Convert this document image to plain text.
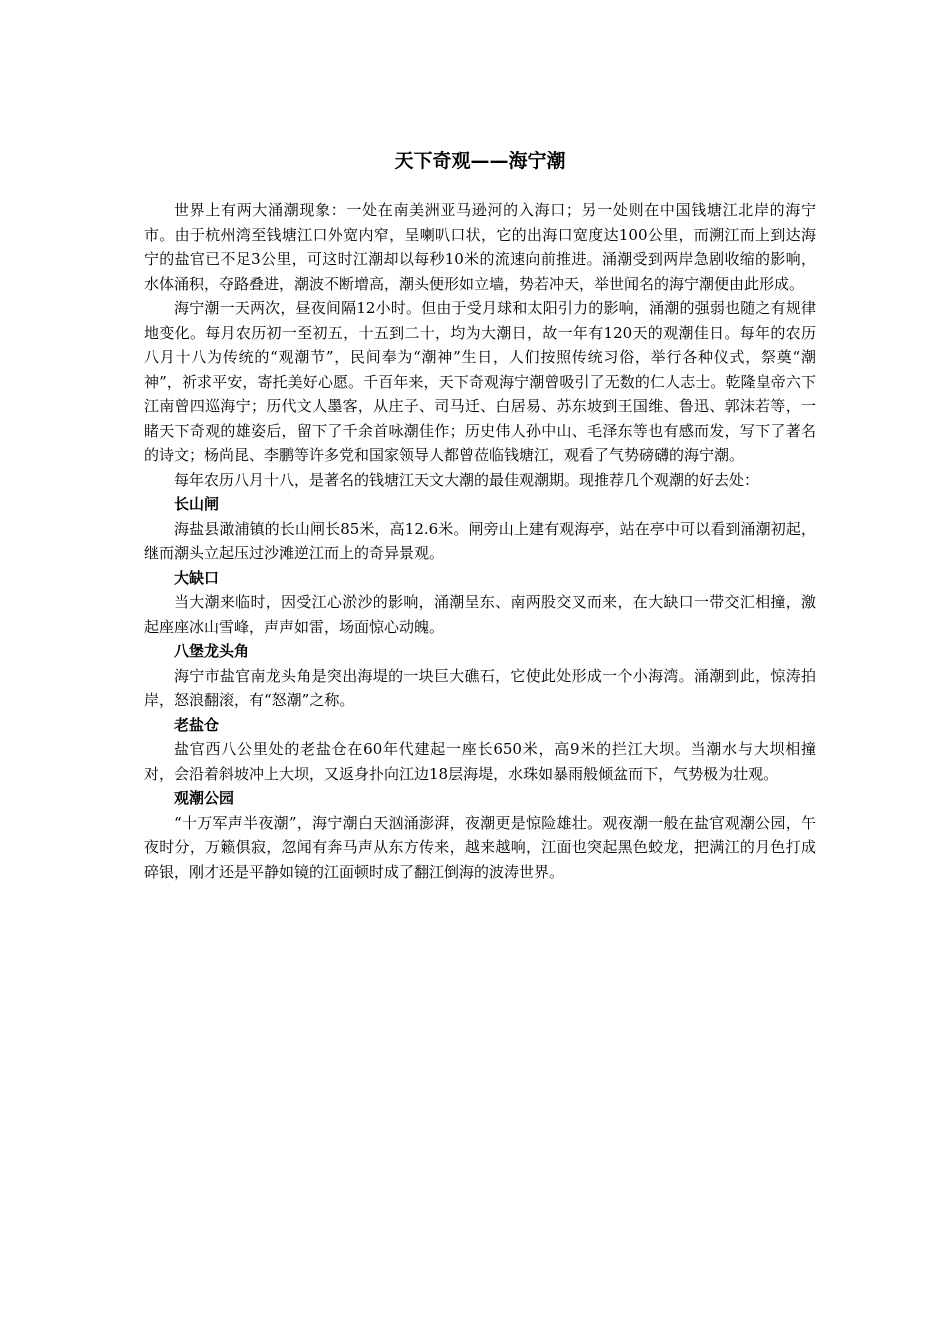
天下奇观——海宁潮

世界上有两大涌潮现象：一处在南美洲亚马逊河的入海口；另一处则在中国钱塘江北岸的海宁市。由于杭州湾至钱塘江口外宽内窄，呈喇叭口状，它的出海口宽度达100公里，而溯江而上到达海宁的盐官已不足3公里，可这时江潮却以每秒10米的流速向前推进。涌潮受到两岸急剧收缩的影响，水体涌积，夺路叠进，潮波不断增高，潮头便形如立墙，势若冲天，举世闻名的海宁潮便由此形成。

海宁潮一天两次，昼夜间隔12小时。但由于受月球和太阳引力的影响，涌潮的强弱也随之有规律地变化。每月农历初一至初五，十五到二十，均为大潮日，故一年有120天的观潮佳日。每年的农历八月十八为传统的“观潮节”，民间奉为“潮神”生日，人们按照传统习俗，举行各种仪式，祭奠“潮神”，祈求平安，寄托美好心愿。千百年来，天下奇观海宁潮曾吸引了无数的仁人志士。乾隆皇帝六下江南曾四巡海宁；历代文人墨客，从庄子、司马迁、白居易、苏东坡到王国维、鲁迅、郭沫若等，一睹天下奇观的雄姿后，留下了千余首咏潮佳作；历史伟人孙中山、毛泽东等也有感而发，写下了著名的诗文；杨尚昆、李鹏等许多党和国家领导人都曾莅临钱塘江，观看了气势磅礴的海宁潮。

每年农历八月十八，是著名的钱塘江天文大潮的最佳观潮期。现推荐几个观潮的好去处：

长山闸

海盐县澉浦镇的长山闸长85米，高12.6米。闸旁山上建有观海亭，站在亭中可以看到涌潮初起，继而潮头立起压过沙滩逆江而上的奇异景观。

大缺口

当大潮来临时，因受江心淤沙的影响，涌潮呈东、南两股交叉而来，在大缺口一带交汇相撞，激起座座冰山雪峰，声声如雷，场面惊心动魄。

八堡龙头角

海宁市盐官南龙头角是突出海堤的一块巨大礁石，它使此处形成一个小海湾。涌潮到此，惊涛拍岸，怒浪翻滚，有“怒潮”之称。

老盐仓

盐官西八公里处的老盐仓在60年代建起一座长650米，高9米的拦江大坝。当潮水与大坝相撞对，会沿着斜坡冲上大坝，又返身扑向江边18层海堤，水珠如暴雨般倾盆而下，气势极为壮观。

观潮公园

“十万军声半夜潮”，海宁潮白天汹涌澎湃，夜潮更是惊险雄壮。观夜潮一般在盐官观潮公园，午夜时分，万籁俱寂，忽闻有奔马声从东方传来，越来越响，江面也突起黑色蛟龙，把满江的月色打成碎银，刚才还是平静如镜的江面顿时成了翻江倒海的波涛世界。
